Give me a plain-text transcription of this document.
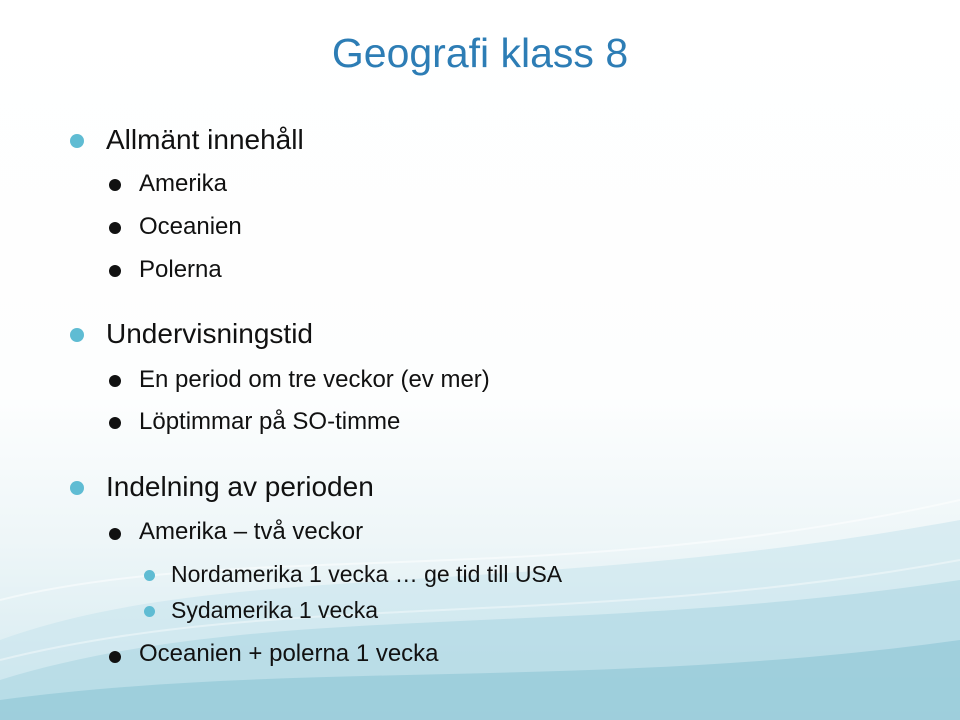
Geografi klass 8
Allmänt innehåll
Amerika
Oceanien
Polerna
Undervisningstid
En period om tre veckor (ev mer)
Löptimmar på SO-timme
Indelning av perioden
Amerika – två veckor
Nordamerika 1 vecka … ge tid till USA
Sydamerika 1 vecka
Oceanien + polerna 1 vecka
